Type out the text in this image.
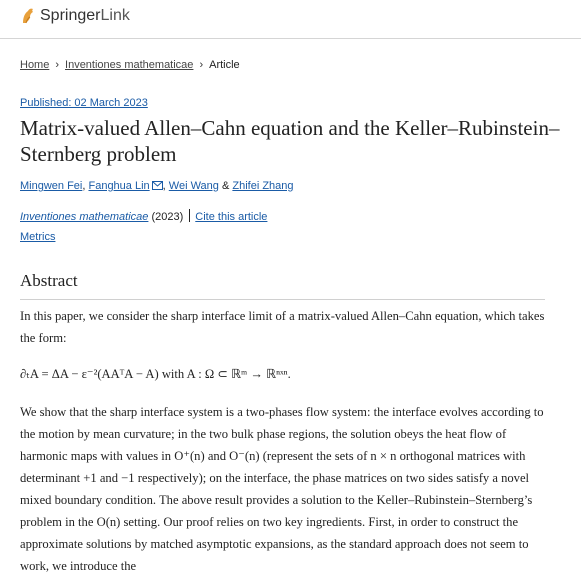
SpringerLink
Home › Inventiones mathematicae › Article
Published: 02 March 2023
Matrix-valued Allen–Cahn equation and the Keller–Rubinstein–Sternberg problem
Mingwen Fei, Fanghua Lin , Wei Wang & Zhifei Zhang
Inventiones mathematicae (2023) Cite this article
Metrics
Abstract

In this paper, we consider the sharp interface limit of a matrix-valued Allen–Cahn equation, which takes the form:

∂ₜA = ΔA − ε⁻²(AAᵀA − A) with A : Ω ⊂ ℝᵐ → ℝⁿˣⁿ.

We show that the sharp interface system is a two-phases flow system: the interface evolves according to the motion by mean curvature; in the two bulk phase regions, the solution obeys the heat flow of harmonic maps with values in O⁺(n) and O⁻(n) (represent the sets of n × n orthogonal matrices with determinant +1 and −1 respectively); on the interface, the phase matrices on two sides satisfy a novel mixed boundary condition. The above result provides a solution to the Keller–Rubinstein–Sternberg’s problem in the O(n) setting. Our proof relies on two key ingredients. First, in order to construct the approximate solutions by matched asymptotic expansions, as the standard approach does not seem to work, we introduce the
